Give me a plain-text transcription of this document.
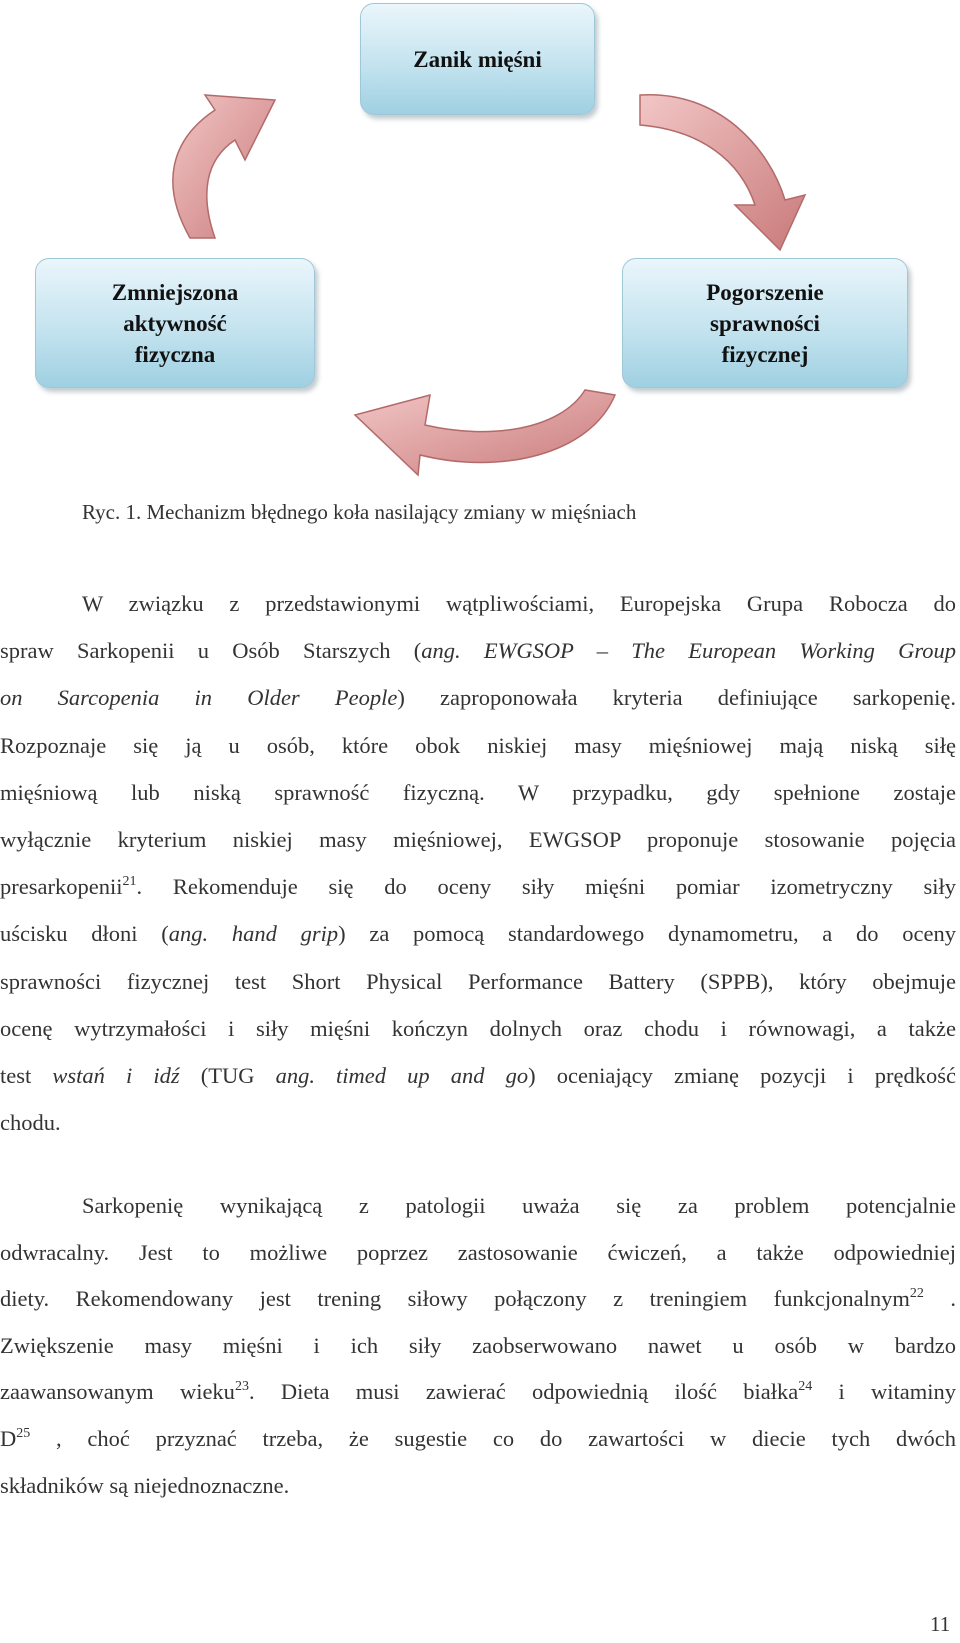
Zanik mięśni
Zmniejszona
aktywność
fizyczna
Pogorszenie
sprawności
fizycznej
Ryc. 1. Mechanizm błędnego koła nasilający zmiany w mięśniach
W związku z przedstawionymi wątpliwościami, Europejska Grupa Robocza do
spraw Sarkopenii u Osób Starszych (ang. EWGSOP – The European Working Group
on Sarcopenia in Older People) zaproponowała kryteria definiujące sarkopenię.
Rozpoznaje się ją u osób, które obok niskiej masy mięśniowej mają niską siłę
mięśniową lub niską sprawność fizyczną. W przypadku, gdy spełnione zostaje
wyłącznie kryterium niskiej masy mięśniowej, EWGSOP proponuje stosowanie pojęcia
presarkopenii$^{21}$. Rekomenduje się do oceny siły mięśni pomiar izometryczny siły
uścisku dłoni (ang. hand grip) za pomocą standardowego dynamometru, a do oceny
sprawności fizycznej test Short Physical Performance Battery (SPPB), który obejmuje
ocenę wytrzymałości i siły mięśni kończyn dolnych oraz chodu i równowagi, a także
test wstań i idź (TUG ang. timed up and go) oceniający zmianę pozycji i prędkość
chodu.
Sarkopenię wynikającą z patologii uważa się za problem potencjalnie
odwracalny. Jest to możliwe poprzez zastosowanie ćwiczeń, a także odpowiedniej
diety. Rekomendowany jest trening siłowy połączony z treningiem funkcjonalnym$^{22}$ .
Zwiększenie masy mięśni i ich siły zaobserwowano nawet u osób w bardzo
zaawansowanym wieku$^{23}$. Dieta musi zawierać odpowiednią ilość białka$^{24}$ i witaminy
$D^{25}$ , choć przyznać trzeba, że sugestie co do zawartości w diecie tych dwóch
składników są niejednoznaczne.
11
